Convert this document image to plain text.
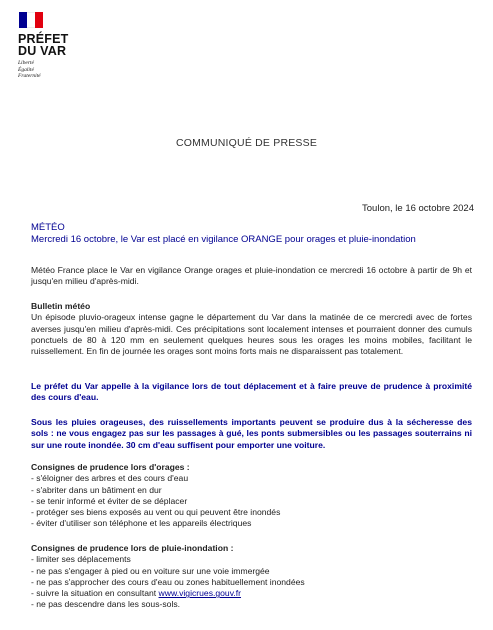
PRÉFET
DU VAR
Liberté
Égalité
Fraternité
COMMUNIQUÉ DE PRESSE
Toulon, le 16 octobre 2024
MÉTÉO
Mercredi 16 octobre, le Var est placé en vigilance ORANGE pour orages et pluie-inondation
Météo France place le Var en vigilance Orange orages et pluie-inondation ce mercredi 16 octobre à partir de 9h et jusqu'en milieu d'après-midi.
Bulletin météo
Un épisode pluvio-orageux intense gagne le département du Var dans la matinée de ce mercredi avec de fortes averses jusqu'en milieu d'après-midi. Ces précipitations sont localement intenses et pourraient donner des cumuls ponctuels de 80 à 120 mm en seulement quelques heures sous les orages les moins mobiles, facilitant le ruissellement. En fin de journée les orages sont moins forts mais ne disparaissent pas totalement.
Le préfet du Var appelle à la vigilance lors de tout déplacement et à faire preuve de prudence à proximité des cours d'eau.
Sous les pluies orageuses, des ruissellements importants peuvent se produire dus à la sécheresse des sols : ne vous engagez pas sur les passages à gué, les ponts submersibles ou les passages souterrains ni sur une route inondée. 30 cm d'eau suffisent pour emporter une voiture.
Consignes de prudence lors d'orages :
- s'éloigner des arbres et des cours d'eau
- s'abriter dans un bâtiment en dur
- se tenir informé et éviter de se déplacer
- protéger ses biens exposés au vent ou qui peuvent être inondés
- éviter d'utiliser son téléphone et les appareils électriques
Consignes de prudence lors de pluie-inondation :
- limiter ses déplacements
- ne pas s'engager à pied ou en voiture sur une voie immergée
- ne pas s'approcher des cours d'eau ou zones habituellement inondées
- suivre la situation en consultant www.vigicrues.gouv.fr
- ne pas descendre dans les sous-sols.
